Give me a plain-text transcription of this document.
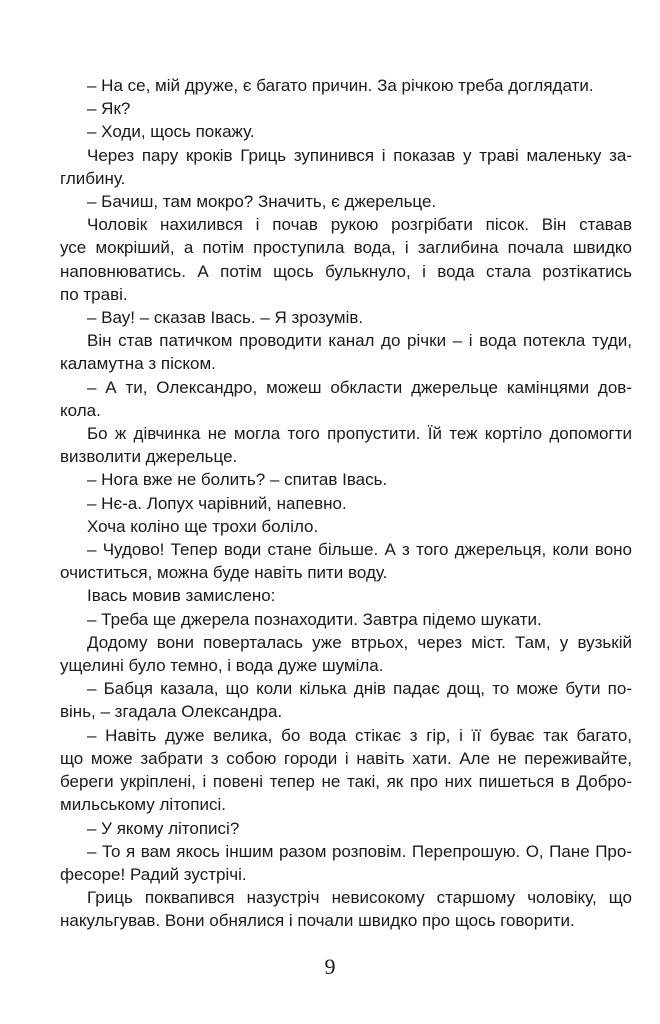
– На се, мій друже, є багато причин. За річкою треба доглядати.
– Як?
– Ходи, щось покажу.
Через пару кроків Гриць зупинився і показав у траві маленьку за-
глибину.
– Бачиш, там мокро? Значить, є джерельце.
Чоловік нахилився і почав рукою розгрібати пісок. Він ставав
усе мокріший, а потім проступила вода, і заглибина почала швидко
наповнюватись. А потім щось булькнуло, і вода стала розтікатись
по траві.
– Вау! – сказав Івась. – Я зрозумів.
Він став патичком проводити канал до річки – і вода потекла туди,
каламутна з піском.
– А ти, Олександро, можеш обкласти джерельце камінцями дов-
кола.
Бо ж дівчинка не могла того пропустити. Їй теж кортіло допомогти
визволити джерельце.
– Нога вже не болить? – спитав Івась.
– Нє-а. Лопух чарівний, напевно.
Хоча коліно ще трохи боліло.
– Чудово! Тепер води стане більше. А з того джерельця, коли воно
очиститься, можна буде навіть пити воду.
Івась мовив замислено:
– Треба ще джерела познаходити. Завтра підемо шукати.
Додому вони поверталась уже втрьох, через міст. Там, у вузькій
ущелині було темно, і вода дуже шуміла.
– Бабця казала, що коли кілька днів падає дощ, то може бути по-
вінь, – згадала Олександра.
– Навіть дуже велика, бо вода стікає з гір, і її буває так багато,
що може забрати з собою городи і навіть хати. Але не переживайте,
береги укріплені, і повені тепер не такі, як про них пишеться в Добро-
мильському літописі.
– У якому літописі?
– То я вам якось іншим разом розповім. Перепрошую. О, Пане Про-
фесоре! Радий зустрічі.
Гриць поквапився назустріч невисокому старшому чоловіку, що
накульгував. Вони обнялися і почали швидко про щось говорити.
9
